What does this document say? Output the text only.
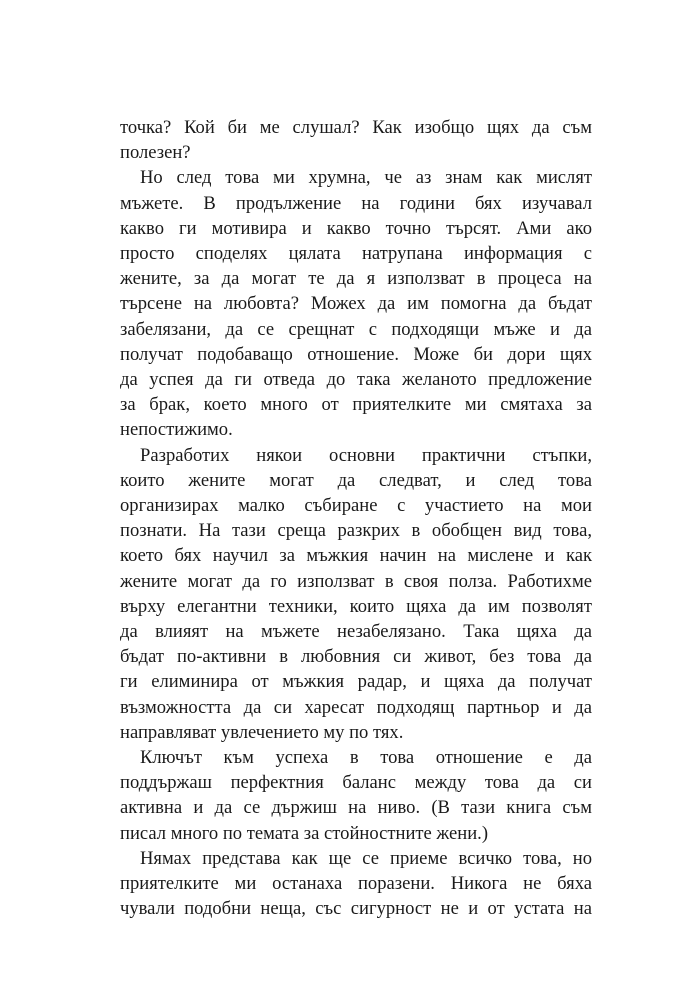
точка? Кой би ме слушал? Как изобщо щях да съм
полезен?
Но след това ми хрумна, че аз знам как мислят
мъжете. В продължение на години бях изучавал
какво ги мотивира и какво точно търсят. Ами ако
просто споделях цялата натрупана информация с
жените, за да могат те да я използват в процеса на
търсене на любовта? Можех да им помогна да бъдат
забелязани, да се срещнат с подходящи мъже и да
получат подобаващо отношение. Може би дори щях
да успея да ги отведа до така желаното предложение
за брак, което много от приятелките ми смятаха за
непостижимо.
Разработих някои основни практични стъпки,
които жените могат да следват, и след това
организирах малко събиране с участието на мои
познати. На тази среща разкрих в обобщен вид това,
което бях научил за мъжкия начин на мислене и как
жените могат да го използват в своя полза. Работихме
върху елегантни техники, които щяха да им позволят
да влияят на мъжете незабелязано. Така щяха да
бъдат по-активни в любовния си живот, без това да
ги елиминира от мъжкия радар, и щяха да получат
възможността да си харесат подходящ партньор и да
направляват увлечението му по тях.
Ключът към успеха в това отношение е да
поддържаш перфектния баланс между това да си
активна и да се държиш на ниво. (В тази книга съм
писал много по темата за стойностните жени.)
Нямах представа как ще се приеме всичко това, но
приятелките ми останаха поразени. Никога не бяха
чували подобни неща, със сигурност не и от устата на
